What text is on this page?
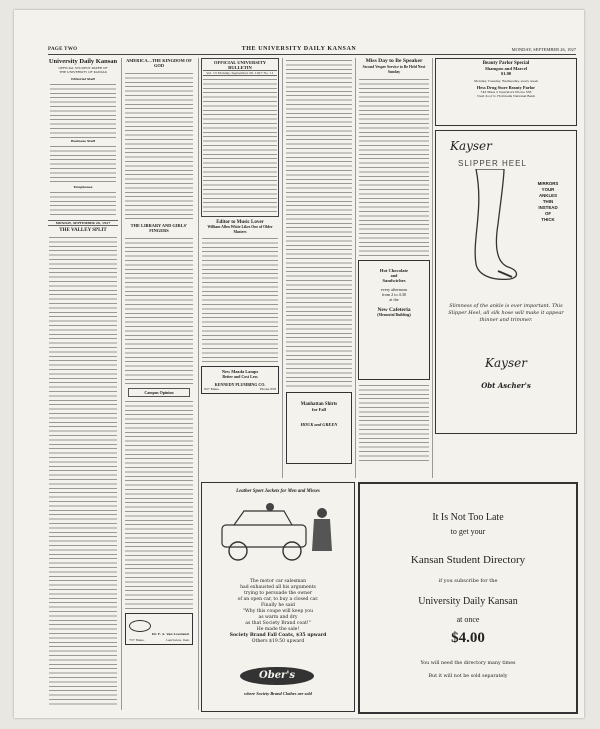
PAGE TWO	THE UNIVERSITY DAILY KANSAN	MONDAY, SEPTEMBER 26, 1927
University Daily Kansan
OFFICIAL STUDENT PAPER OF
THE UNIVERSITY OF KANSAS
Editorial Staff
Business Staff
Telephones
MONDAY, SEPTEMBER 26, 1927
THE VALLEY SPLIT
AMERICA—THE KINGDOM OF GOD
THE LIBRARY AND GIRLS' FINGERS
Campus Opinion
Dr. F. A. Van Loveland
737 Mass.	Lawrence, Kan.
OFFICIAL UNIVERSITY BULLETIN
Vol. 13 Monday, September 26, 1927 No. 11
Editor to Music Lover
William Allen White Likes One of Older Masters
New Mazda Lamps
Better and Cost Less
KENNEDY PLUMBING CO.
937 Mass.	Phone 658
Manhattan Shirts
for Fall
HOUK and GREEN
Miss Day to Be Speaker
Second Vesper Service to Be Held Next Sunday
Hot Chocolate
and
Sandwiches
every afternoon
from 2 to 4:30
at the
New Cafeteria
(Memorial Building)
Beauty Parlor Special
Shampoo and Marcel
$1.00
Monday, Tuesday, Wednesday, every week
Hess Drug Store Beauty Parlor
743 Mass 2 Operators Phone 536
Next door to Hornnells National Bank
Kayser
SLIPPER HEEL
MIRRORS
YOUR
ANKLES
THIN
INSTEAD
OF
THICK
Slimness of the ankle is ever important. This Slipper Heel, all silk hose will make it appear thinner and trimmer.
Kayser
Obt Ascher's
Leather Sport Jackets for Men and Misses
The motor car salesman
had exhausted all his arguments
trying to persuade the owner
of an open car, to buy a closed car.
Finally he said
"Why this coupe will keep you
as warm and dry
as that Society Brand coat!"
He made the sale!
Society Brand Fall Coats, $35 upward
Others $19.50 upward
Ober's
where Society Brand Clothes are sold
It Is Not Too Late
to get your
Kansan Student Directory
if you subscribe for the
University Daily Kansan
at once
$4.00
You will need the directory many times
But it will not be sold separately
